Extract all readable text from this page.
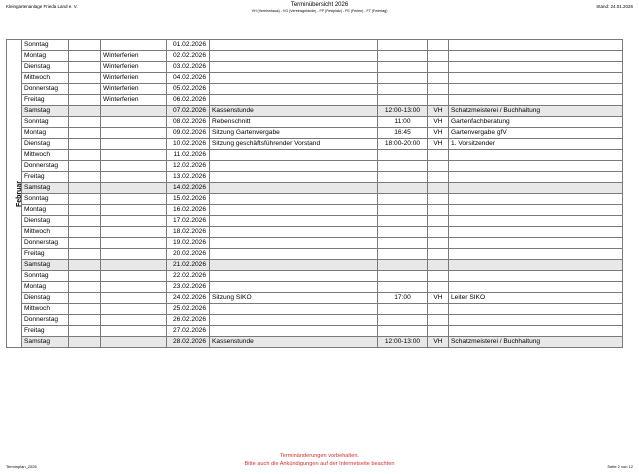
Kleingartenanlage Frieda Land e. V.	Terminübersicht 2026
VH (Vereinshaus) - VG (Vereinsgelände) - FP (Festplatz) - FE (Ferien) - FT (Feiertag)
Stand: 24.01.2026
Februar	Sonntag			01.02.2026				
	Montag		Winterferien	02.02.2026				
	Dienstag		Winterferien	03.02.2026				
	Mittwoch		Winterferien	04.02.2026				
	Donnerstag		Winterferien	05.02.2026				
	Freitag		Winterferien	06.02.2026				
	Samstag			07.02.2026	Kassenstunde	12:00-13:00	VH	Schatzmeisterei / Buchhaltung
	Sonntag			08.02.2026	Rebenschnitt	11:00	VH	Gartenfachberatung
	Montag			09.02.2026	Sitzung Gartenvergabe	16:45	VH	Gartenvergabe gfV
	Dienstag			10.02.2026	Sitzung geschäftsführender Vorstand	18:00-20:00	VH	1. Vorsitzender
	Mittwoch			11.02.2026				
	Donnerstag			12.02.2026				
	Freitag			13.02.2026				
	Samstag			14.02.2026				
	Sonntag			15.02.2026				
	Montag			16.02.2026				
	Dienstag			17.02.2026				
	Mittwoch			18.02.2026				
	Donnerstag			19.02.2026				
	Freitag			20.02.2026				
	Samstag			21.02.2026				
	Sonntag			22.02.2026				
	Montag			23.02.2026				
	Dienstag			24.02.2026	Sitzung SIKO	17:00	VH	Leiter SIKO
	Mittwoch			25.02.2026				
	Donnerstag			26.02.2026				
	Freitag			27.02.2026				
	Samstag			28.02.2026	Kassenstunde	12:00-13:00	VH	Schatzmeisterei / Buchhaltung
Terminänderungen vorbehalten.
Bitte auch die Ankündigungen auf der Internetseite beachten
Terminplan_2026	Seite 2 von 12
